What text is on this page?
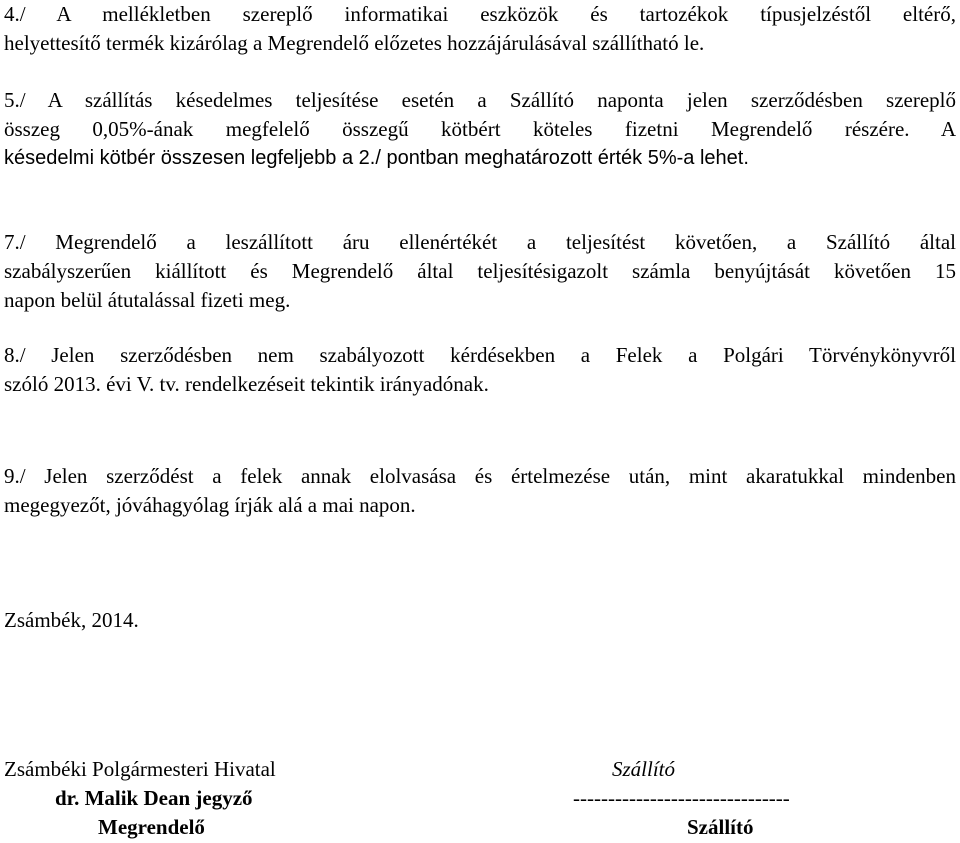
4./ A mellékletben szereplő informatikai eszközök és tartozékok típusjelzéstől eltérő,
helyettesítő termék kizárólag a Megrendelő előzetes hozzájárulásával szállítható le.
5./ A szállítás késedelmes teljesítése esetén a Szállító naponta jelen szerződésben szereplő
összeg 0,05%-ának megfelelő összegű kötbért köteles fizetni Megrendelő részére. A
késedelmi kötbér összesen legfeljebb a 2./ pontban meghatározott érték 5%-a lehet.
7./ Megrendelő a leszállított áru ellenértékét a teljesítést követően, a Szállító által
szabályszerűen kiállított és Megrendelő által teljesítésigazolt számla benyújtását követően 15
napon belül átutalással fizeti meg.
8./ Jelen szerződésben nem szabályozott kérdésekben a Felek a Polgári Törvénykönyvről
szóló 2013. évi V. tv. rendelkezéseit tekintik irányadónak.
9./ Jelen szerződést a felek annak elolvasása és értelmezése után, mint akaratukkal mindenben
megegyezőt, jóváhagyólag írják alá a mai napon.
Zsámbék, 2014.
Zsámbéki Polgármesteri Hivatal
dr. Malik Dean jegyző
Megrendelő
Szállító
-------------------------------
Szállító
